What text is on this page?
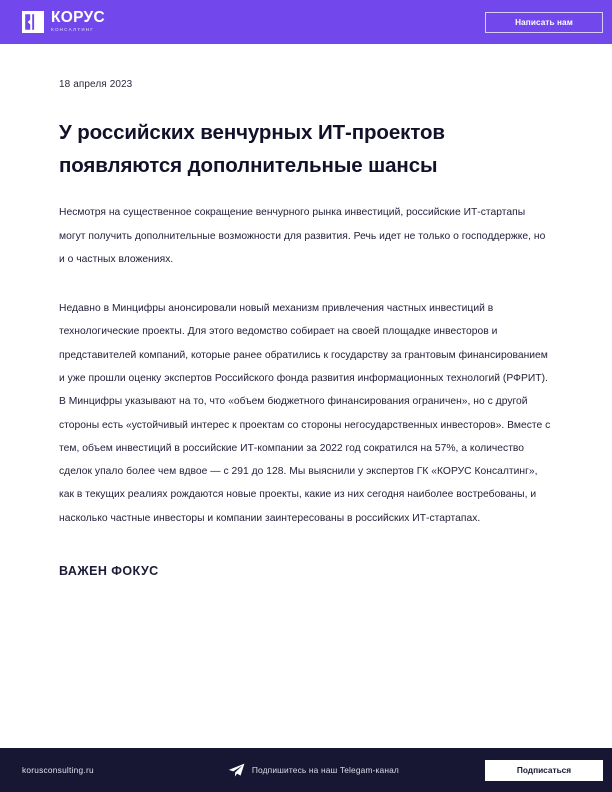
КОРУС
КОНСАЛТИНГ
Написать нам
18 апреля 2023
У российских венчурных ИТ-проектов появляются дополнительные шансы

Несмотря на существенное сокращение венчурного рынка инвестиций, российские ИТ-стартапы могут получить дополнительные возможности для развития. Речь идет не только о господдержке, но и о частных вложениях.

Недавно в Минцифры анонсировали новый механизм привлечения частных инвестиций в технологические проекты. Для этого ведомство собирает на своей площадке инвесторов и представителей компаний, которые ранее обратились к государству за грантовым финансированием и уже прошли оценку экспертов Российского фонда развития информационных технологий (РФРИТ). В Минцифры указывают на то, что «объем бюджетного финансирования ограничен», но с другой стороны есть «устойчивый интерес к проектам со стороны негосударственных инвесторов». Вместе с тем, объем инвестиций в российские ИТ-компании за 2022 год сократился на 57%, а количество сделок упало более чем вдвое — с 291 до 128. Мы выяснили у экспертов ГК «КОРУС Консалтинг», как в текущих реалиях рождаются новые проекты, какие из них сегодня наиболее востребованы, и насколько частные инвесторы и компании заинтересованы в российских ИТ-стартапах.

ВАЖЕН ФОКУС
korusconsulting.ru	Подпишитесь на наш Telegam-канал	Подписаться
